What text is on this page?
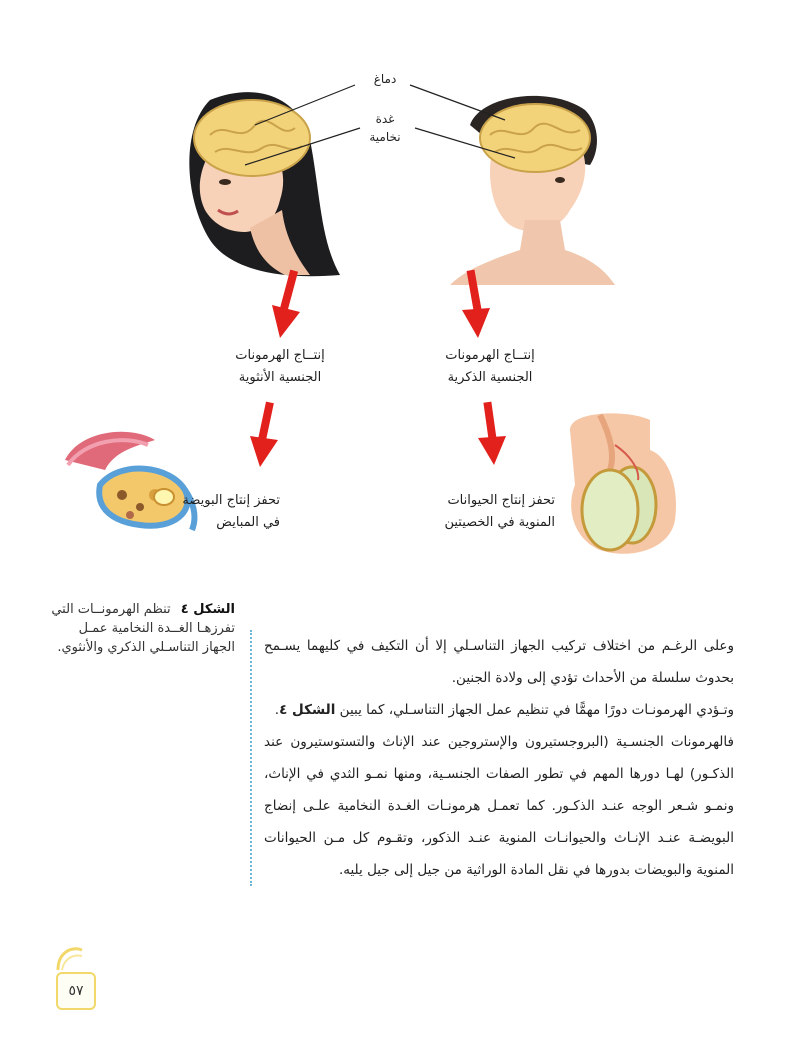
دماغ
غدة
نخامية
إنتــاج الهرمونات
الجنسية الأنثوية
إنتــاج الهرمونات
الجنسية الذكرية
تحفز إنتاج البويضة
في المبايض
تحفز إنتاج الحيوانات
المنوية في الخصيتين
الشكل ٤ تنظم الهرمونــات التي تفرزهـا الغــدة النخامية عمـل الجهاز التناسـلي الذكري والأنثوي. وعلى الرغـم من اختلاف تركيب الجهاز التناسـلي إلا أن التكيف في كليهما يسـمح بحدوث سلسلة من الأحداث تؤدي إلى ولادة الجنين.

وتـؤدي الهرمونـات دورًا مهمًّا في تنظيم عمل الجهاز التناسـلي، كما يبين الشكل ٤.

فالهرمونات الجنسـية (البروجستيرون والإستروجين عند الإناث والتستوستيرون عند الذكـور) لهـا دورها المهم في تطور الصفات الجنسـية، ومنها نمـو الثدي في الإناث، ونمـو شـعر الوجه عنـد الذكـور. كما تعمـل هرمونـات الغـدة النخامية علـى إنضاج البويضـة عنـد الإنـاث والحيوانـات المنوية عنـد الذكور، وتقـوم كل مـن الحيوانات المنوية والبويضات بدورها في نقل المادة الوراثية من جيل إلى جيل يليه.

٥٧
